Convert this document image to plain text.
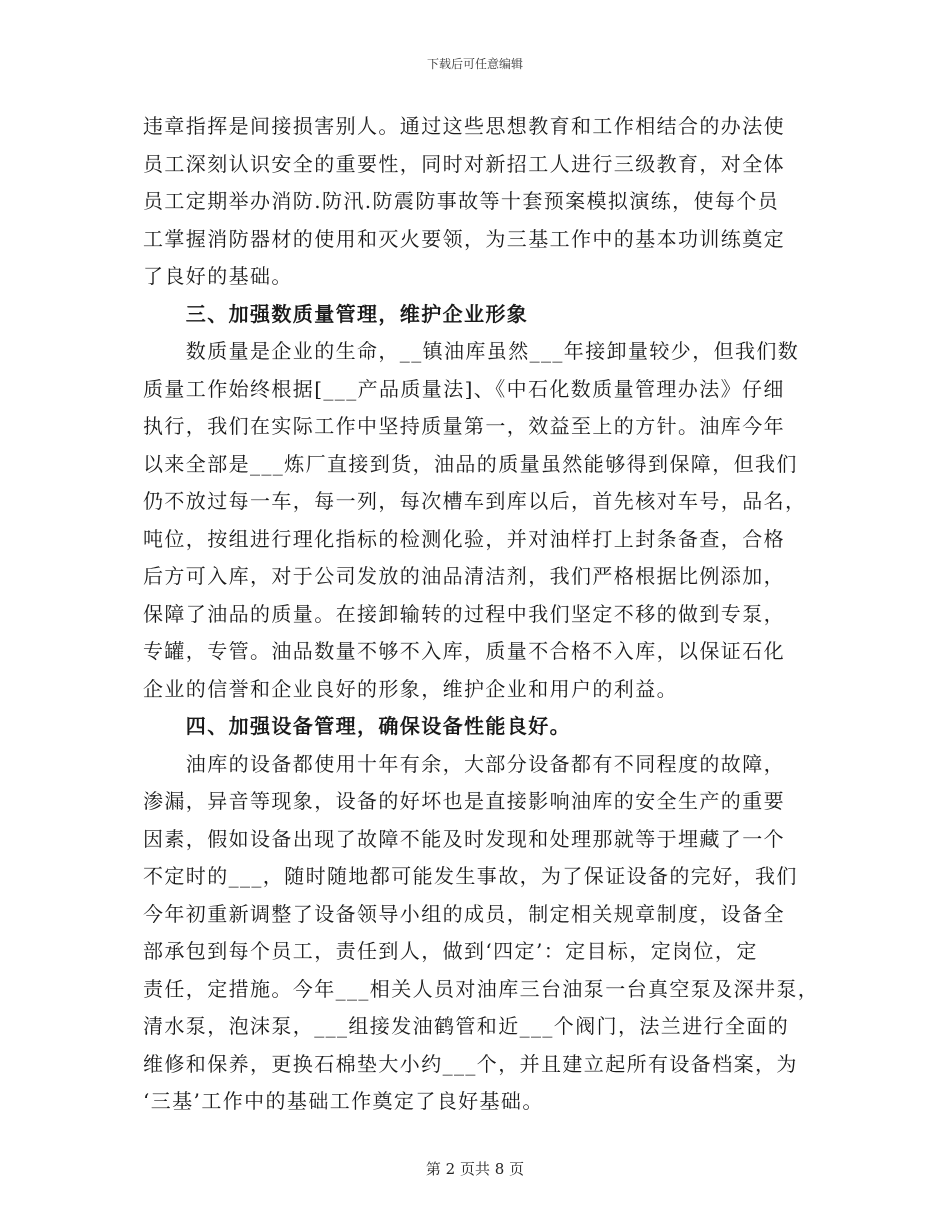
下载后可任意编辑
违章指挥是间接损害别人。通过这些思想教育和工作相结合的办法使
员工深刻认识安全的重要性，同时对新招工人进行三级教育，对全体
员工定期举办消防.防汛.防震防事故等十套预案模拟演练，使每个员
工掌握消防器材的使用和灭火要领，为三基工作中的基本功训练奠定
了良好的基础。
　　三、加强数质量管理，维护企业形象
　　数质量是企业的生命，__镇油库虽然___年接卸量较少，但我们数
质量工作始终根据[___产品质量法]、《中石化数质量管理办法》仔细
执行，我们在实际工作中坚持质量第一，效益至上的方针。油库今年
以来全部是___炼厂直接到货，油品的质量虽然能够得到保障，但我们
仍不放过每一车，每一列，每次槽车到库以后，首先核对车号，品名，
吨位，按组进行理化指标的检测化验，并对油样打上封条备查，合格
后方可入库，对于公司发放的油品清洁剂，我们严格根据比例添加，
保障了油品的质量。在接卸输转的过程中我们坚定不移的做到专泵，
专罐，专管。油品数量不够不入库，质量不合格不入库，以保证石化
企业的信誉和企业良好的形象，维护企业和用户的利益。
　　四、加强设备管理，确保设备性能良好。
　　油库的设备都使用十年有余，大部分设备都有不同程度的故障，
渗漏，异音等现象，设备的好坏也是直接影响油库的安全生产的重要
因素，假如设备出现了故障不能及时发现和处理那就等于埋藏了一个
不定时的___，随时随地都可能发生事故，为了保证设备的完好，我们
今年初重新调整了设备领导小组的成员，制定相关规章制度，设备全
部承包到每个员工，责任到人，做到‘四定’：定目标，定岗位，定
责任，定措施。今年___相关人员对油库三台油泵一台真空泵及深井泵，
清水泵，泡沫泵，___组接发油鹤管和近___个阀门，法兰进行全面的
维修和保养，更换石棉垫大小约___个，并且建立起所有设备档案，为
‘三基’工作中的基础工作奠定了良好基础。
第 2 页共 8 页
